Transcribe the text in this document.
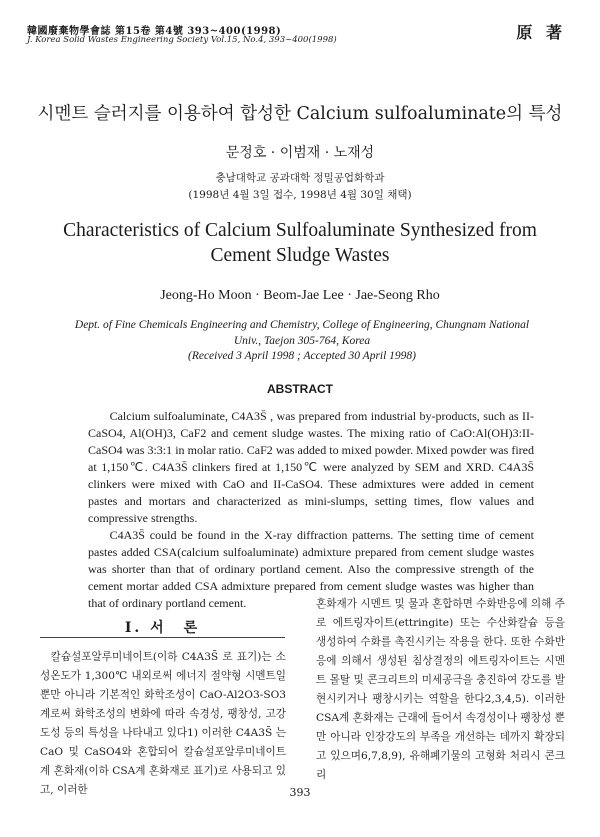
韓國廢棄物學會誌 第15卷 第4號 393~400(1998)
J. Korea Solid Wastes Engineering Society Vol.15, No.4, 393~400(1998)	原 著
시멘트 슬러지를 이용하여 합성한 Calcium sulfoaluminate의 특성
문정호 · 이범재 · 노재성
충남대학교 공과대학 정밀공업화학과
(1998년 4월 3일 접수, 1998년 4월 30일 채택)
Characteristics of Calcium Sulfoaluminate Synthesized from
Cement Sludge Wastes
Jeong-Ho Moon · Beom-Jae Lee · Jae-Seong Rho
Dept. of Fine Chemicals Engineering and Chemistry, College of Engineering, Chungnam National
Univ., Taejon 305-764, Korea
(Received 3 April 1998 ; Accepted 30 April 1998)
ABSTRACT

Calcium sulfoaluminate, C4A3S̄ , was prepared from industrial by-products, such as II-CaSO4, Al(OH)3, CaF2 and cement sludge wastes. The mixing ratio of CaO:Al(OH)3:II-CaSO4 was 3:3:1 in molar ratio. CaF2 was added to mixed powder. Mixed powder was fired at 1,150℃. C4A3S̄ clinkers fired at 1,150℃ were analyzed by SEM and XRD. C4A3S̄ clinkers were mixed with CaO and II-CaSO4. These admixtures were added in cement pastes and mortars and characterized as mini-slumps, setting times, flow values and compressive strengths.

C4A3S̄ could be found in the X-ray diffraction patterns. The setting time of cement pastes added CSA(calcium sulfoaluminate) admixture prepared from cement sludge wastes was shorter than that of ordinary portland cement. Also the compressive strength of the cement mortar added CSA admixture prepared from cement sludge wastes was higher than that of ordinary portland cement.

Ⅰ. 서　론

칼슘설포알루미네이트(이하 C4A3S̄ 로 표기)는 소성온도가 1,300℃ 내외로써 에너지 절약형 시멘트일뿐만 아니라 기본적인 화학조성이 CaO-Al2O3-SO3계로써 화학조성의 변화에 따라 속경성, 팽창성, 고강도성 등의 특성을 나타내고 있다1) 이러한 C4A3S̄ 는 CaO 및 CaSO4와 혼합되어 칼슘설포알루미네이트계 혼화재(이하 CSA계 혼화재로 표기)로 사용되고 있고, 이러한

혼화재가 시멘트 및 물과 혼합하면 수화반응에 의해 주로 에트링자이트(ettringite) 또는 수산화칼슘 등을 생성하여 수화를 촉진시키는 작용을 한다. 또한 수화반응에 의해서 생성된 침상결정의 에트링자이트는 시멘트 몰탈 및 콘크리트의 미세공극을 충진하여 강도를 발현시키거나 팽창시키는 역할을 한다2,3,4,5). 이러한 CSA계 혼화재는 근래에 들어서 속경성이나 팽창성 뿐만 아니라 인장강도의 부족을 개선하는 데까지 확장되고 있으며6,7,8,9), 유해폐기물의 고형화 처리시 콘크리

393
